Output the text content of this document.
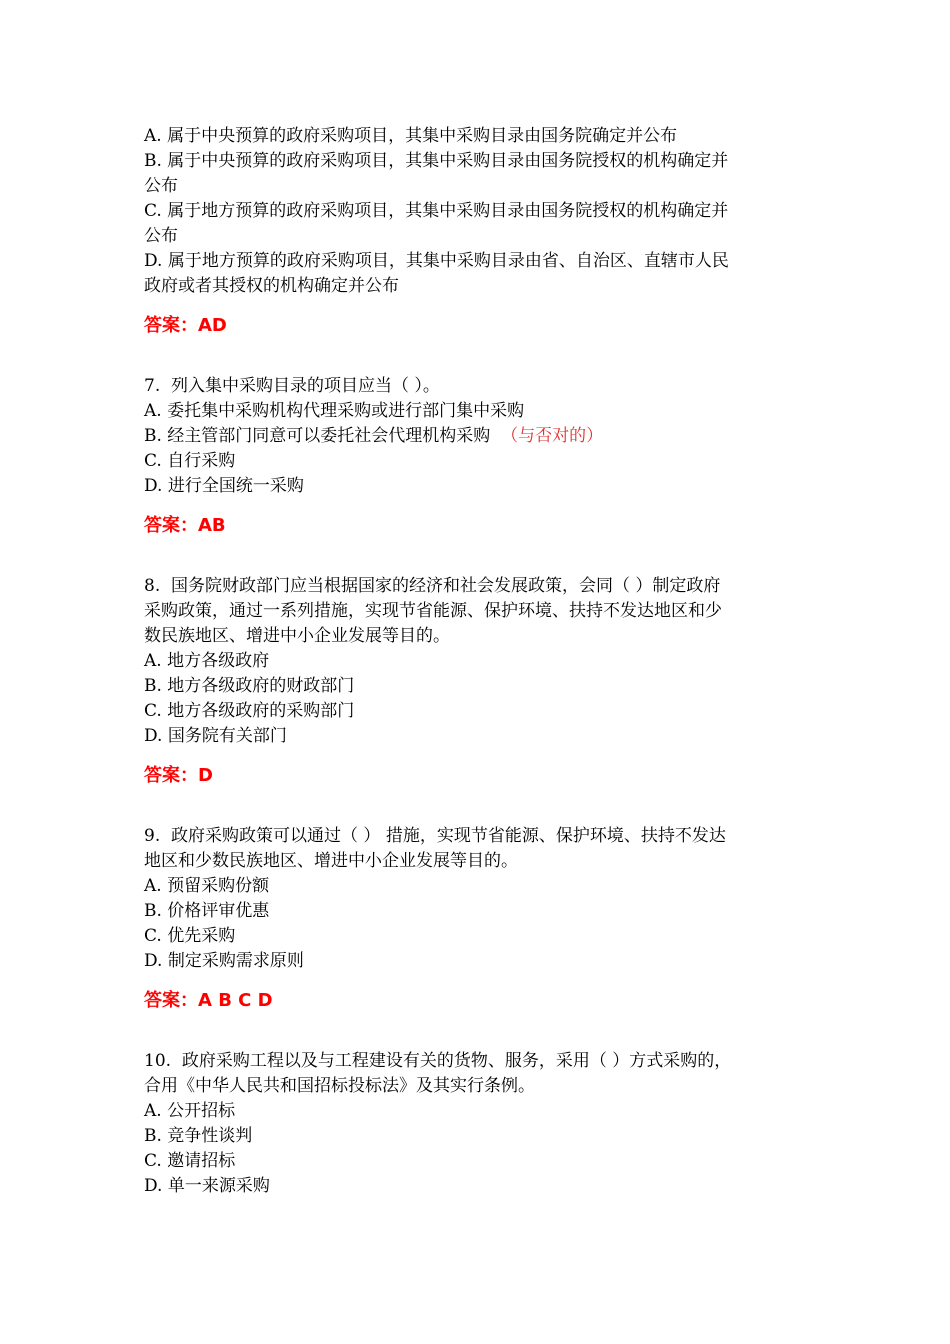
A. 属于中央预算的政府采购项目，其集中采购目录由国务院确定并公布

B. 属于中央预算的政府采购项目，其集中采购目录由国务院授权的机构确定并

公布

C. 属于地方预算的政府采购项目，其集中采购目录由国务院授权的机构确定并

公布

D. 属于地方预算的政府采购项目，其集中采购目录由省、自治区、直辖市人民

政府或者其授权的机构确定并公布

答案：AD

7.  列入集中采购目录的项目应当（ ）。

A. 委托集中采购机构代理采购或进行部门集中采购

B. 经主管部门同意可以委托社会代理机构采购  （与否对的）

C. 自行采购

D. 进行全国统一采购

答案：AB

8.  国务院财政部门应当根据国家的经济和社会发展政策，会同（ ）制定政府

采购政策，通过一系列措施，实现节省能源、保护环境、扶持不发达地区和少

数民族地区、增进中小企业发展等目的。

A. 地方各级政府

B. 地方各级政府的财政部门

C. 地方各级政府的采购部门

D. 国务院有关部门

答案：D

9.  政府采购政策可以通过（ ） 措施，实现节省能源、保护环境、扶持不发达

地区和少数民族地区、增进中小企业发展等目的。

A. 预留采购份额

B. 价格评审优惠

C. 优先采购

D. 制定采购需求原则

答案：A B C D

10.  政府采购工程以及与工程建设有关的货物、服务，采用（ ）方式采购的，

合用《中华人民共和国招标投标法》及其实行条例。

A. 公开招标

B. 竞争性谈判

C. 邀请招标

D. 单一来源采购
